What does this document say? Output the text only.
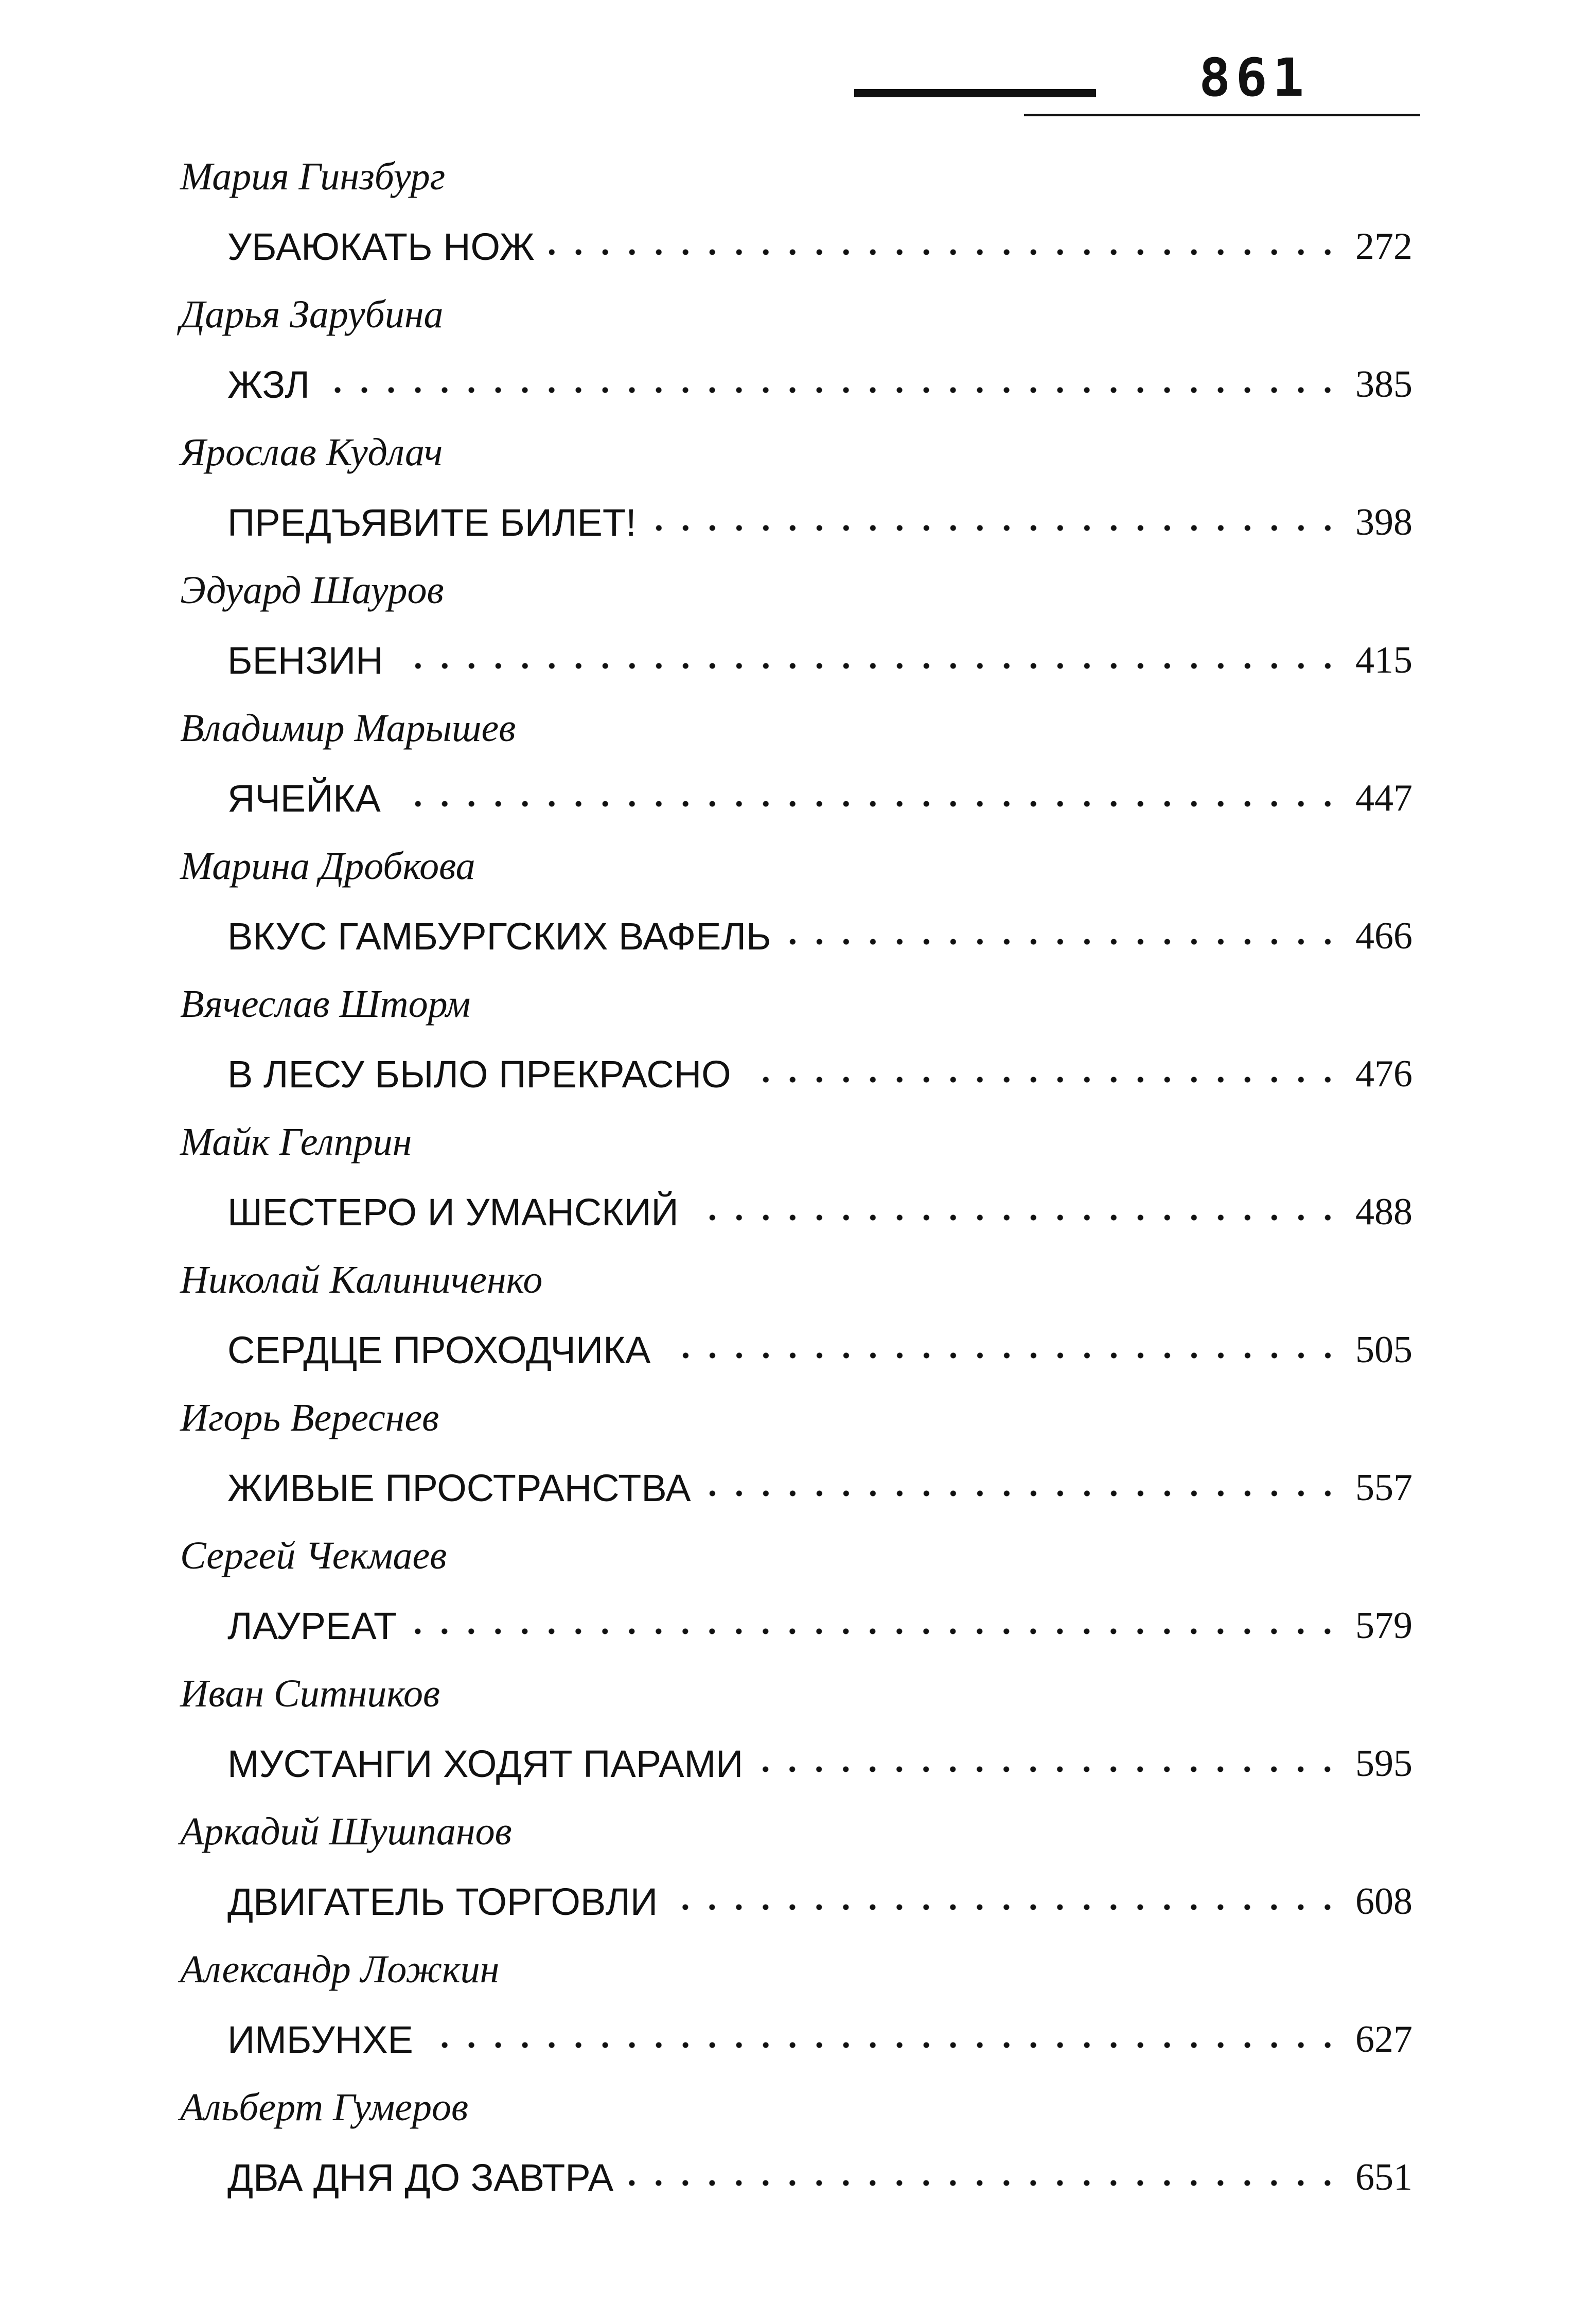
861
Мария Гинзбург
УБАЮКАТЬ НОЖ	272
Дарья Зарубина
ЖЗЛ	385
Ярослав Кудлач
ПРЕДЪЯВИТЕ БИЛЕТ!	398
Эдуард Шауров
БЕНЗИН	415
Владимир Марышев
ЯЧЕЙКА	447
Марина Дробкова
ВКУС ГАМБУРГСКИХ ВАФЕЛЬ	466
Вячеслав Шторм
В ЛЕСУ БЫЛО ПРЕКРАСНО	476
Майк Гелприн
ШЕСТЕРО И УМАНСКИЙ	488
Николай Калиниченко
СЕРДЦЕ ПРОХОДЧИКА	505
Игорь Вереснев
ЖИВЫЕ ПРОСТРАНСТВА	557
Сергей Чекмаев
ЛАУРЕАТ	579
Иван Ситников
МУСТАНГИ ХОДЯТ ПАРАМИ	595
Аркадий Шушпанов
ДВИГАТЕЛЬ ТОРГОВЛИ	608
Александр Ложкин
ИМБУНХЕ	627
Альберт Гумеров
ДВА ДНЯ ДО ЗАВТРА	651
